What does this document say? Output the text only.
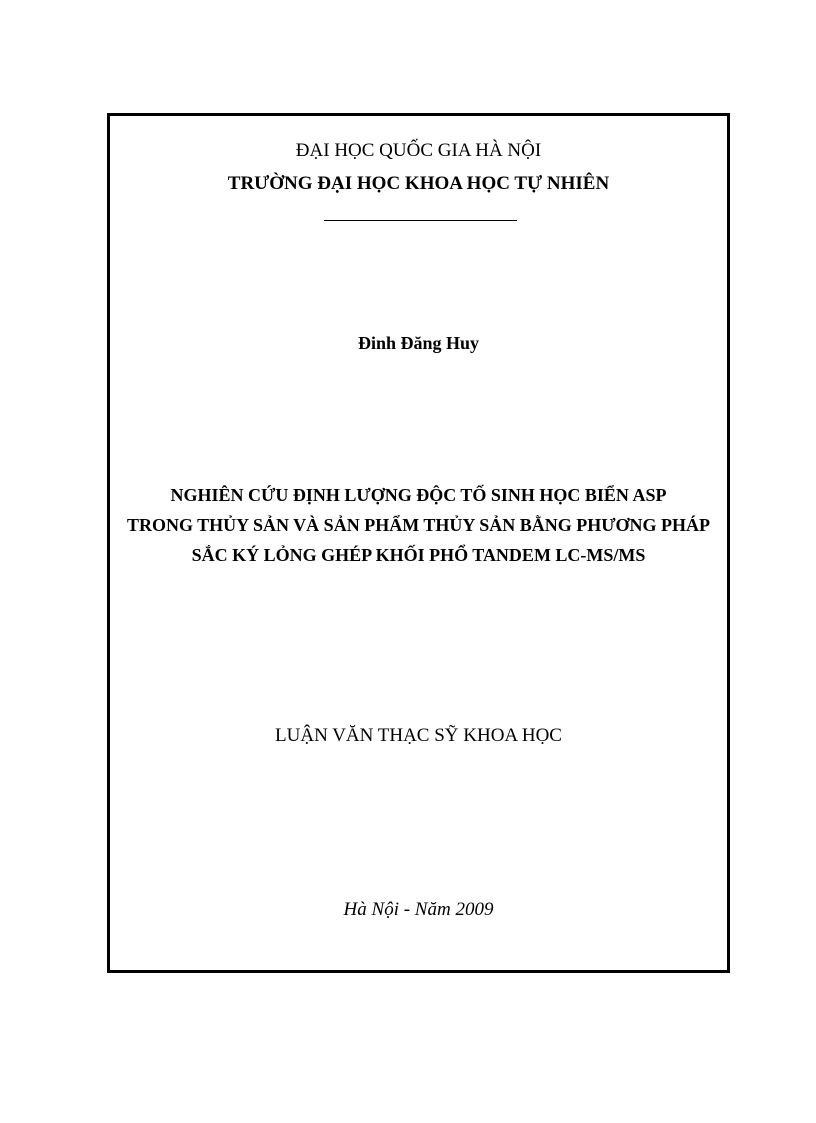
ĐẠI HỌC QUỐC GIA HÀ NỘI
TRƯỜNG ĐẠI HỌC KHOA HỌC TỰ NHIÊN
Đinh Đăng Huy
NGHIÊN CỨU ĐỊNH LƯỢNG ĐỘC TỐ SINH HỌC BIỂN ASP
TRONG THỦY SẢN VÀ SẢN PHẨM THỦY SẢN BẰNG PHƯƠNG PHÁP
SẮC KÝ LỎNG GHÉP KHỐI PHỔ TANDEM LC-MS/MS
LUẬN VĂN THẠC SỸ KHOA HỌC
Hà Nội - Năm 2009
